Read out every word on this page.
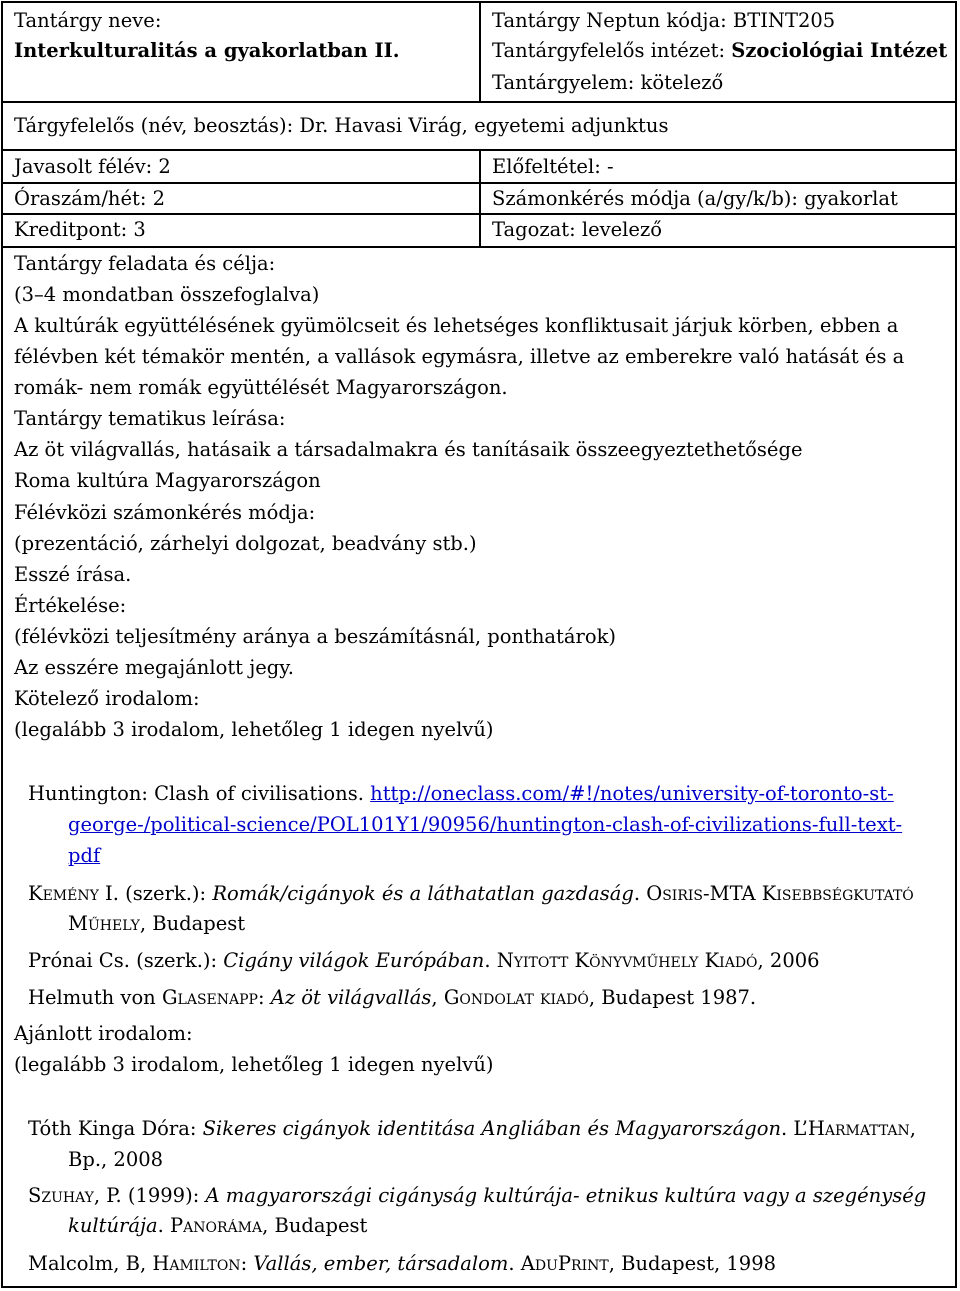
Tantárgy neve:
Interkulturalitás a gyakorlatban II.
Tantárgy Neptun kódja: BTINT205
Tantárgyfelelős intézet: Szociológiai Intézet
Tantárgyelem: kötelező
Tárgyfelelős (név, beosztás): Dr. Havasi Virág, egyetemi adjunktus
Javasolt félév: 2	Előfeltétel: -
Óraszám/hét: 2	Számonkérés módja (a/gy/k/b): gyakorlat
Kreditpont: 3	Tagozat: levelező
Tantárgy feladata és célja:
(3–4 mondatban összefoglalva)
A kultúrák együttélésének gyümölcseit és lehetséges konfliktusait járjuk körben, ebben a
félévben két témakör mentén, a vallások egymásra, illetve az emberekre való hatását és a
romák- nem romák együttélését Magyarországon.
Tantárgy tematikus leírása:
Az öt világvallás, hatásaik a társadalmakra és tanításaik összeegyeztethetősége
Roma kultúra Magyarországon
Félévközi számonkérés módja:
(prezentáció, zárhelyi dolgozat, beadvány stb.)
Esszé írása.
Értékelése:
(félévközi teljesítmény aránya a beszámításnál, ponthatárok)
Az esszére megajánlott jegy.
Kötelező irodalom:
(legalább 3 irodalom, lehetőleg 1 idegen nyelvű)
Huntington: Clash of civilisations. http://oneclass.com/#!/notes/university-of-toronto-st-
george-/political-science/POL101Y1/90956/huntington-clash-of-civilizations-full-text-
pdf
Kemény I. (szerk.): Romák/cigányok és a láthatatlan gazdaság. Osiris-MTA Kisebbségkutató
Műhely, Budapest
Prónai Cs. (szerk.): Cigány világok Európában. Nyitott Könyvműhely Kiadó, 2006
Helmuth von Glasenapp: Az öt világvallás, Gondolat kiadó, Budapest 1987.
Ajánlott irodalom:
(legalább 3 irodalom, lehetőleg 1 idegen nyelvű)
Tóth Kinga Dóra: Sikeres cigányok identitása Angliában és Magyarországon. L’Harmattan,
Bp., 2008
Szuhay, P. (1999): A magyarországi cigányság kultúrája- etnikus kultúra vagy a szegénység
kultúrája. Panoráma, Budapest
Malcolm, B, Hamilton: Vallás, ember, társadalom. AduPrint, Budapest, 1998
